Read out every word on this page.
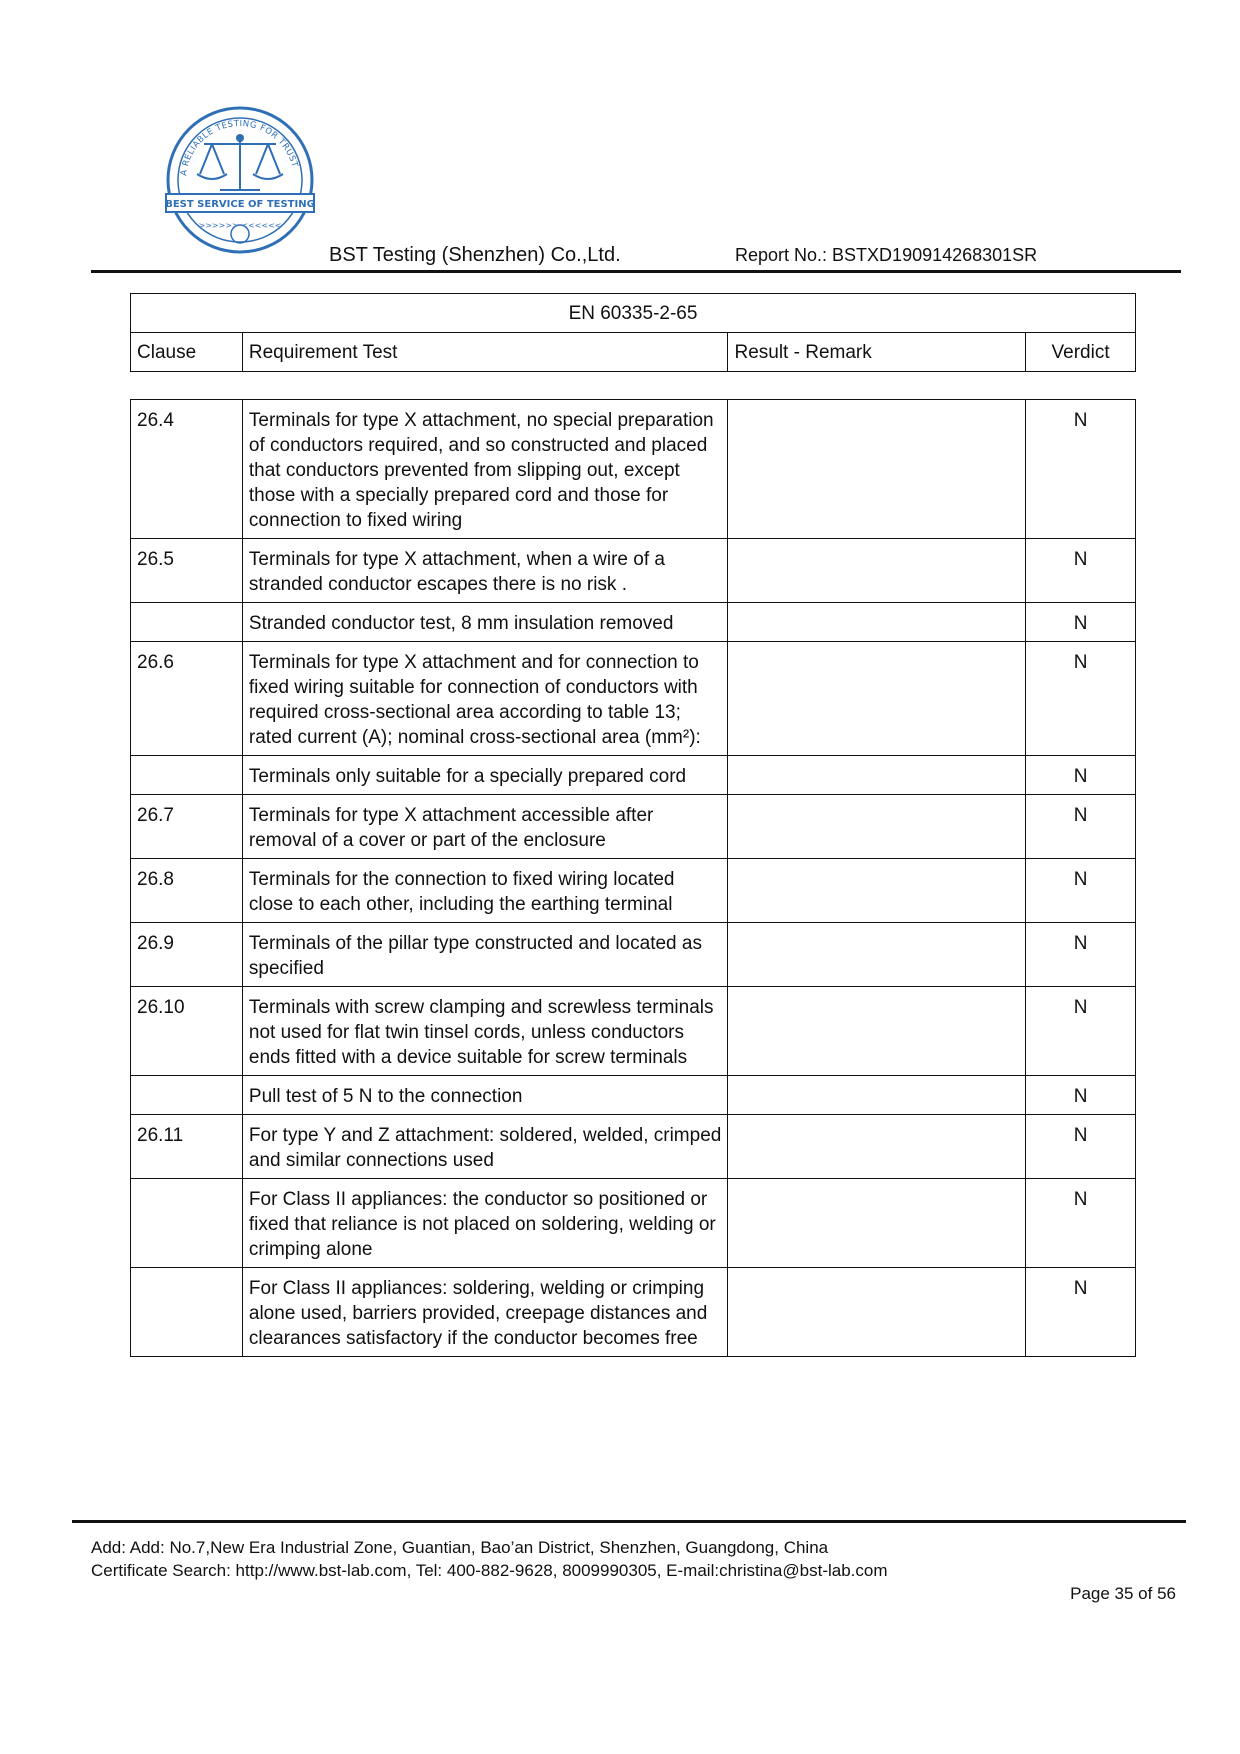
A RELIABLE TESTING FOR TRUST
BEST SERVICE OF TESTING
>>>>>> <<<<<<
BST Testing (Shenzhen) Co.,Ltd.	Report No.: BSTXD190914268301SR
EN 60335-2-65
Clause	Requirement Test	Result - Remark	Verdict
26.4	Terminals for type X attachment, no special preparation of conductors required, and so constructed and placed that conductors prevented from slipping out, except those with a specially prepared cord and those for connection to fixed wiring		N
26.5	Terminals for type X attachment, when a wire of a stranded conductor escapes there is no risk .		N
	Stranded conductor test, 8 mm insulation removed		N
26.6	Terminals for type X attachment and for connection to fixed wiring suitable for connection of conductors with required cross-sectional area according to table 13; rated current (A); nominal cross-sectional area (mm²):		N
	Terminals only suitable for a specially prepared cord		N
26.7	Terminals for type X attachment accessible after removal of a cover or part of the enclosure		N
26.8	Terminals for the connection to fixed wiring located close to each other, including the earthing terminal		N
26.9	Terminals of the pillar type constructed and located as specified		N
26.10	Terminals with screw clamping and screwless terminals not used for flat twin tinsel cords, unless conductors ends fitted with a device suitable for screw terminals		N
	Pull test of 5 N to the connection		N
26.11	For type Y and Z attachment: soldered, welded, crimped and similar connections used		N
	For Class II appliances: the conductor so positioned or fixed that reliance is not placed on soldering, welding or crimping alone		N
	For Class II appliances: soldering, welding or crimping alone used, barriers provided, creepage distances and clearances satisfactory if the conductor becomes free		N
Add: Add: No.7,New Era Industrial Zone, Guantian, Bao’an District, Shenzhen, Guangdong, China
Certificate Search: http://www.bst-lab.com, Tel: 400-882-9628, 8009990305, E-mail:christina@bst-lab.com
Page 35 of 56
